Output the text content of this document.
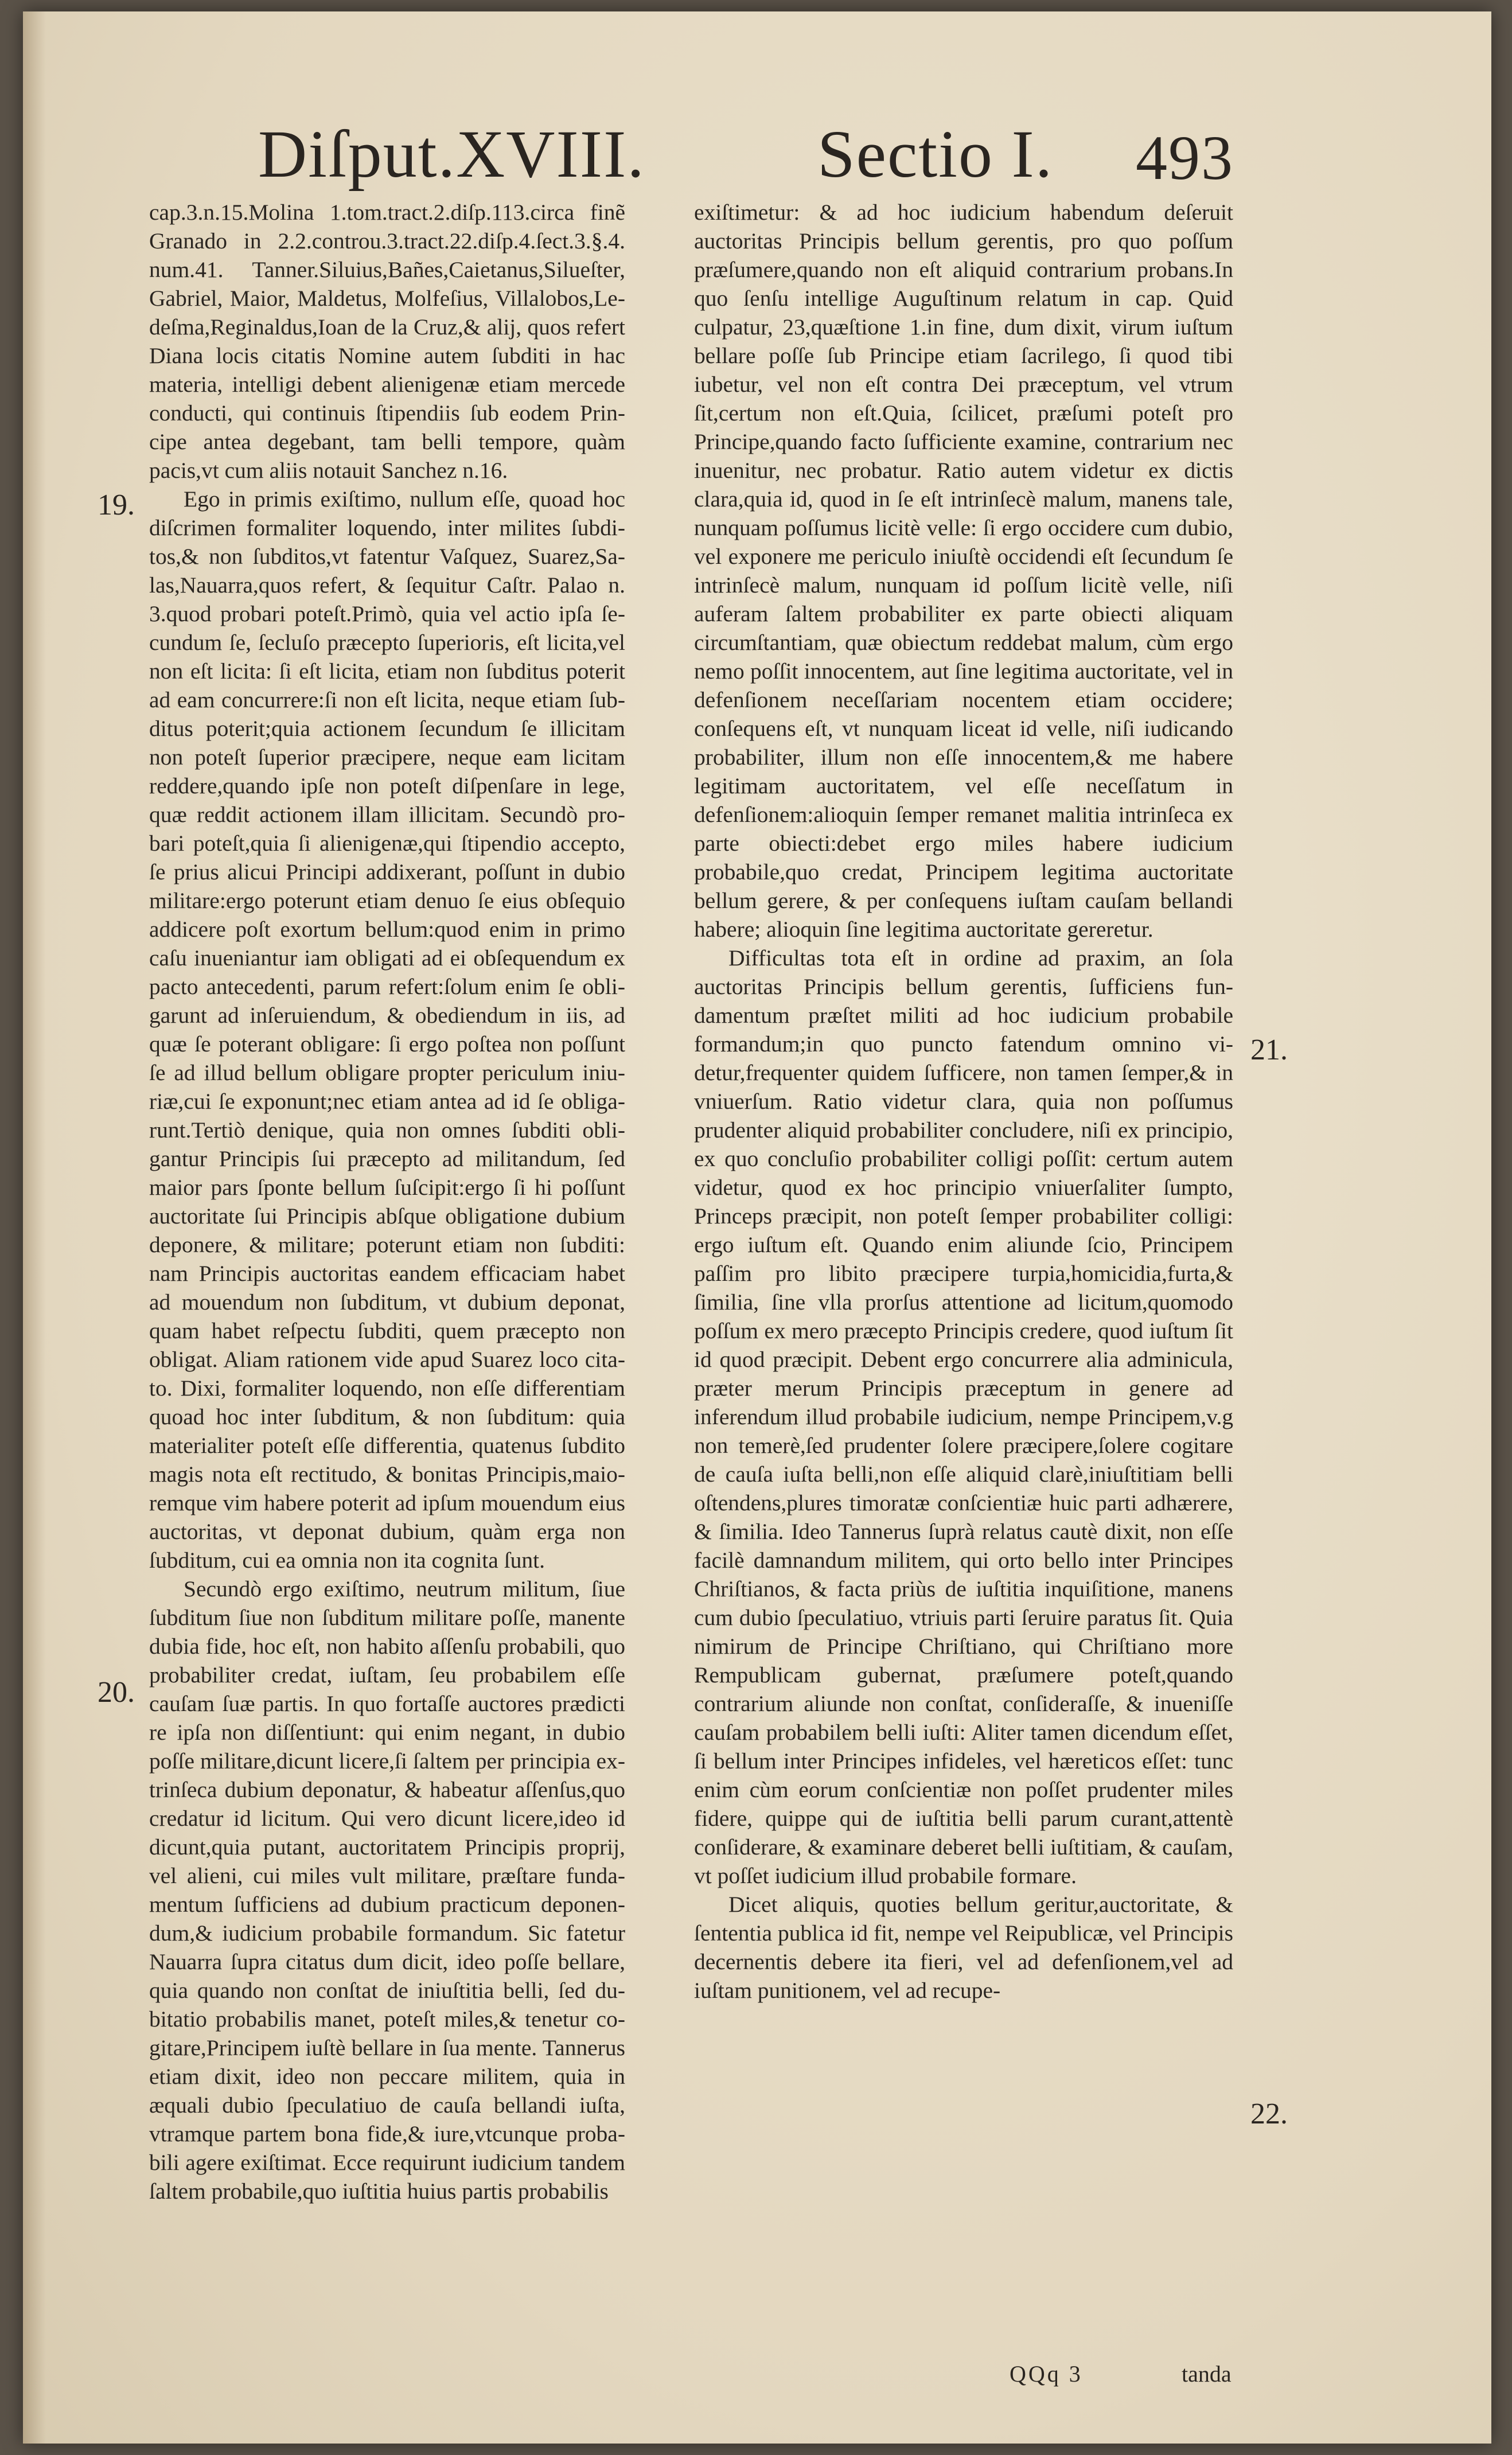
Diſput.XVIII.	Sectio I. 493
19.
20.
21.
22.

cap.3.n.15.Molina 1.tom.tract.2.diſp.113.circa finẽ Granado in 2.2.controu.3.tract.22.diſp.4.ſect.3.§.4. num.41. Tanner.Siluius,Bañes,Caietanus,Silueſter, Gabriel, Maior, Maldetus, Molfeſius, Villalobos,Ledeſma,Reginaldus,Ioan de la Cruz,& alij, quos refert Diana locis citatis Nomine autem ſubditi in hac materia, intelligi debent alienigenæ etiam mercede conducti, qui continuis ſtipendiis ſub eodem Principe antea degebant, tam belli tempore, quàm pacis,vt cum aliis notauit Sanchez n.16.

Ego in primis exiſtimo, nullum eſſe, quoad hoc diſcrimen formaliter loquendo, inter milites ſubditos,& non ſubditos,vt fatentur Vaſquez, Suarez,Salas,Nauarra,quos refert, & ſequitur Caſtr. Palao n. 3.quod probari poteſt.Primò, quia vel actio ipſa ſecundum ſe, ſecluſo præcepto ſuperioris, eſt licita,vel non eſt licita: ſi eſt licita, etiam non ſubditus poterit ad eam concurrere:ſi non eſt licita, neque etiam ſubditus poterit;quia actionem ſecundum ſe illicitam non poteſt ſuperior præcipere, neque eam licitam reddere,quando ipſe non poteſt diſpenſare in lege, quæ reddit actionem illam illicitam. Secundò probari poteſt,quia ſi alienigenæ,qui ſtipendio accepto, ſe prius alicui Principi addixerant, poſſunt in dubio militare:ergo poterunt etiam denuo ſe eius obſequio addicere poſt exortum bellum:quod enim in primo caſu inueniantur iam obligati ad ei obſequendum ex pacto antecedenti, parum refert:ſolum enim ſe obligarunt ad inſeruiendum, & obediendum in iis, ad quæ ſe poterant obligare: ſi ergo poſtea non poſſunt ſe ad illud bellum obligare propter periculum iniuriæ,cui ſe exponunt;nec etiam antea ad id ſe obligarunt.Tertiò denique, quia non omnes ſubditi obligantur Principis ſui præcepto ad militandum, ſed maior pars ſponte bellum ſuſcipit:ergo ſi hi poſſunt auctoritate ſui Principis abſque obligatione dubium deponere, & militare; poterunt etiam non ſubditi: nam Principis auctoritas eandem efficaciam habet ad mouendum non ſubditum, vt dubium deponat, quam habet reſpectu ſubditi, quem præcepto non obligat. Aliam rationem vide apud Suarez loco citato. Dixi, formaliter loquendo, non eſſe differentiam quoad hoc inter ſubditum, & non ſubditum: quia materialiter poteſt eſſe differentia, quatenus ſubdito magis nota eſt rectitudo, & bonitas Principis,maioremque vim habere poterit ad ipſum mouendum eius auctoritas, vt deponat dubium, quàm erga non ſubditum, cui ea omnia non ita cognita ſunt.

Secundò ergo exiſtimo, neutrum militum, ſiue ſubditum ſiue non ſubditum militare poſſe, manente dubia fide, hoc eſt, non habito aſſenſu probabili, quo probabiliter credat, iuſtam, ſeu probabilem eſſe cauſam ſuæ partis. In quo fortaſſe auctores prædicti re ipſa non diſſentiunt: qui enim negant, in dubio poſſe militare,dicunt licere,ſi ſaltem per principia extrinſeca dubium deponatur, & habeatur aſſenſus,quo credatur id licitum. Qui vero dicunt licere,ideo id dicunt,quia putant, auctoritatem Principis proprij, vel alieni, cui miles vult militare, præſtare fundamentum ſufficiens ad dubium practicum deponendum,& iudicium probabile formandum. Sic fatetur Nauarra ſupra citatus dum dicit, ideo poſſe bellare, quia quando non conſtat de iniuſtitia belli, ſed dubitatio probabilis manet, poteſt miles,& tenetur cogitare,Principem iuſtè bellare in ſua mente. Tannerus etiam dixit, ideo non peccare militem, quia in æquali dubio ſpeculatiuo de cauſa bellandi iuſta, vtramque partem bona fide,& iure,vtcunque probabili agere exiſtimat. Ecce requirunt iudicium tandem ſaltem probabile,quo iuſtitia huius partis probabilis

exiſtimetur: & ad hoc iudicium habendum deſeruit auctoritas Principis bellum gerentis, pro quo poſſum præſumere,quando non eſt aliquid contrarium probans.In quo ſenſu intellige Auguſtinum relatum in cap. Quid culpatur, 23,quæſtione 1.in fine, dum dixit, virum iuſtum bellare poſſe ſub Principe etiam ſacrilego, ſi quod tibi iubetur, vel non eſt contra Dei præceptum, vel vtrum ſit,certum non eſt.Quia, ſcilicet, præſumi poteſt pro Principe,quando facto ſufficiente examine, contrarium nec inuenitur, nec probatur. Ratio autem videtur ex dictis clara,quia id, quod in ſe eſt intrinſecè malum, manens tale, nunquam poſſumus licitè velle: ſi ergo occidere cum dubio, vel exponere me periculo iniuſtè occidendi eſt ſecundum ſe intrinſecè malum, nunquam id poſſum licitè velle, niſi auferam ſaltem probabiliter ex parte obiecti aliquam circumſtantiam, quæ obiectum reddebat malum, cùm ergo nemo poſſit innocentem, aut ſine legitima auctoritate, vel in defenſionem neceſſariam nocentem etiam occidere; conſequens eſt, vt nunquam liceat id velle, niſi iudicando probabiliter, illum non eſſe innocentem,& me habere legitimam auctoritatem, vel eſſe neceſſatum in defenſionem:alioquin ſemper remanet malitia intrinſeca ex parte obiecti:debet ergo miles habere iudicium probabile,quo credat, Principem legitima auctoritate bellum gerere, & per conſequens iuſtam cauſam bellandi habere; alioquin ſine legitima auctoritate gereretur.

Difficultas tota eſt in ordine ad praxim, an ſola auctoritas Principis bellum gerentis, ſufficiens fundamentum præſtet militi ad hoc iudicium probabile formandum;in quo puncto fatendum omnino videtur,frequenter quidem ſufficere, non tamen ſemper,& in vniuerſum. Ratio videtur clara, quia non poſſumus prudenter aliquid probabiliter concludere, niſi ex principio, ex quo concluſio probabiliter colligi poſſit: certum autem videtur, quod ex hoc principio vniuerſaliter ſumpto, Princeps præcipit, non poteſt ſemper probabiliter colligi: ergo iuſtum eſt. Quando enim aliunde ſcio, Principem paſſim pro libito præcipere turpia,homicidia,furta,& ſimilia, ſine vlla prorſus attentione ad licitum,quomodo poſſum ex mero præcepto Principis credere, quod iuſtum ſit id quod præcipit. Debent ergo concurrere alia adminicula, præter merum Principis præceptum in genere ad inferendum illud probabile iudicium, nempe Principem,v.g non temerè,ſed prudenter ſolere præcipere,ſolere cogitare de cauſa iuſta belli,non eſſe aliquid clarè,iniuſtitiam belli oſtendens,plures timoratæ conſcientiæ huic parti adhærere, & ſimilia. Ideo Tannerus ſuprà relatus cautè dixit, non eſſe facilè damnandum militem, qui orto bello inter Principes Chriſtianos, & facta priùs de iuſtitia inquiſitione, manens cum dubio ſpeculatiuo, vtriuis parti ſeruire paratus ſit. Quia nimirum de Principe Chriſtiano, qui Chriſtiano more Rempublicam gubernat, præſumere poteſt,quando contrarium aliunde non conſtat, conſideraſſe, & inueniſſe cauſam probabilem belli iuſti: Aliter tamen dicendum eſſet, ſi bellum inter Principes infideles, vel hæreticos eſſet: tunc enim cùm eorum conſcientiæ non poſſet prudenter miles fidere, quippe qui de iuſtitia belli parum curant,attentè conſiderare, & examinare deberet belli iuſtitiam, & cauſam, vt poſſet iudicium illud probabile formare.

Dicet aliquis, quoties bellum geritur,auctoritate, & ſententia publica id fit, nempe vel Reipublicæ, vel Principis decernentis debere ita fieri, vel ad defenſionem,vel ad iuſtam punitionem, vel ad recupe-

QQq 3	tanda
